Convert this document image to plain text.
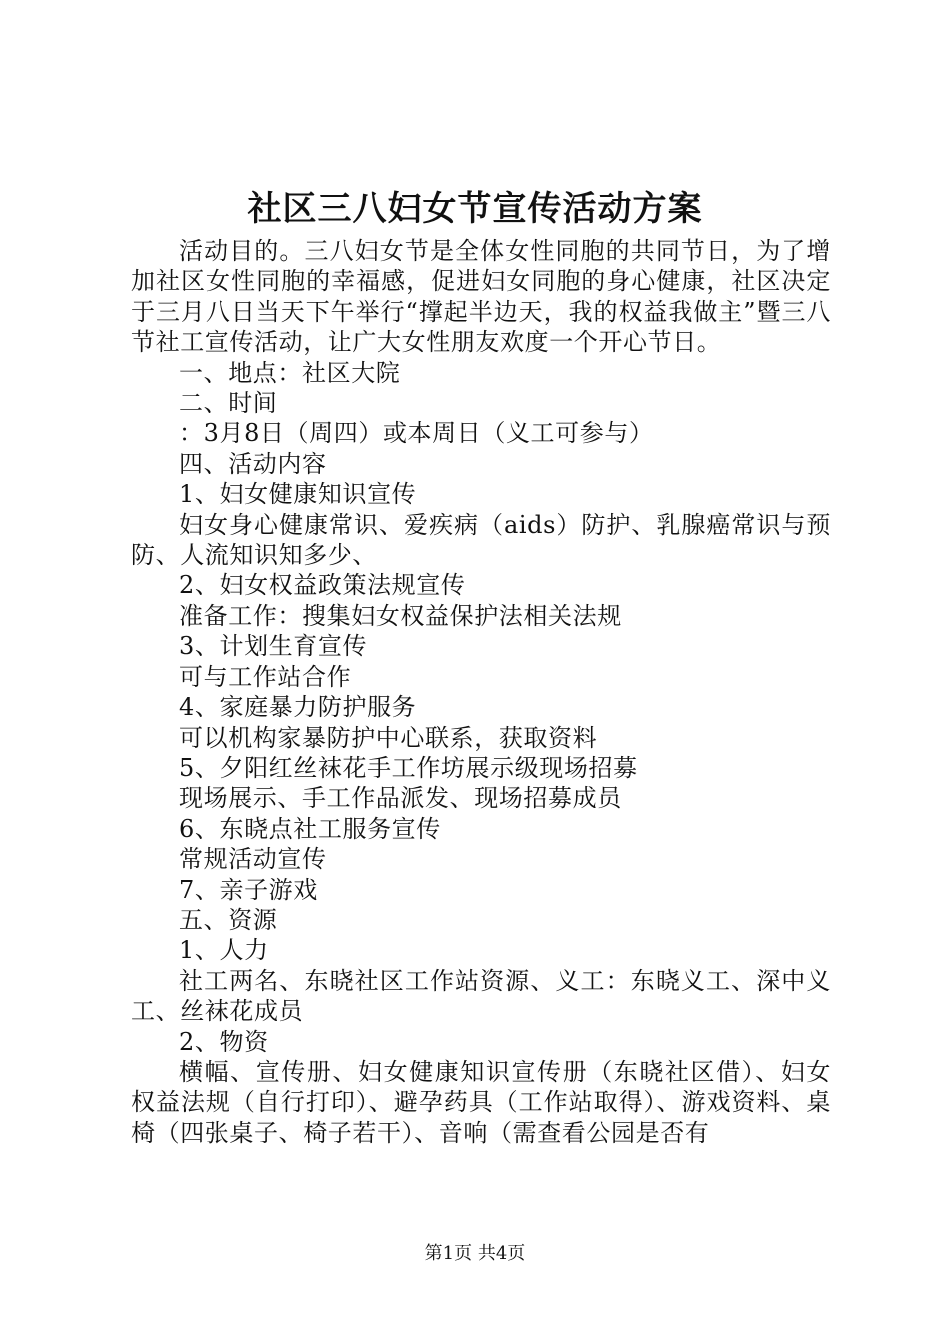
社区三八妇女节宣传活动方案

活动目的。三八妇女节是全体女性同胞的共同节日，为了增加社区女性同胞的幸福感，促进妇女同胞的身心健康，社区决定于三月八日当天下午举行“撑起半边天，我的权益我做主”暨三八节社工宣传活动，让广大女性朋友欢度一个开心节日。

一、地点：社区大院

二、时间

：3月8日（周四）或本周日（义工可参与）

四、活动内容

1、妇女健康知识宣传

妇女身心健康常识、爱疾病（aids）防护、乳腺癌常识与预防、人流知识知多少、

2、妇女权益政策法规宣传

准备工作：搜集妇女权益保护法相关法规

3、计划生育宣传

可与工作站合作

4、家庭暴力防护服务

可以机构家暴防护中心联系，获取资料

5、夕阳红丝袜花手工作坊展示级现场招募

现场展示、手工作品派发、现场招募成员

6、东晓点社工服务宣传

常规活动宣传

7、亲子游戏

五、资源

1、人力

社工两名、东晓社区工作站资源、义工：东晓义工、深中义工、丝袜花成员

2、物资

横幅、宣传册、妇女健康知识宣传册（东晓社区借）、妇女权益法规（自行打印）、避孕药具（工作站取得）、游戏资料、桌椅（四张桌子、椅子若干）、音响（需查看公园是否有

第1页 共4页
